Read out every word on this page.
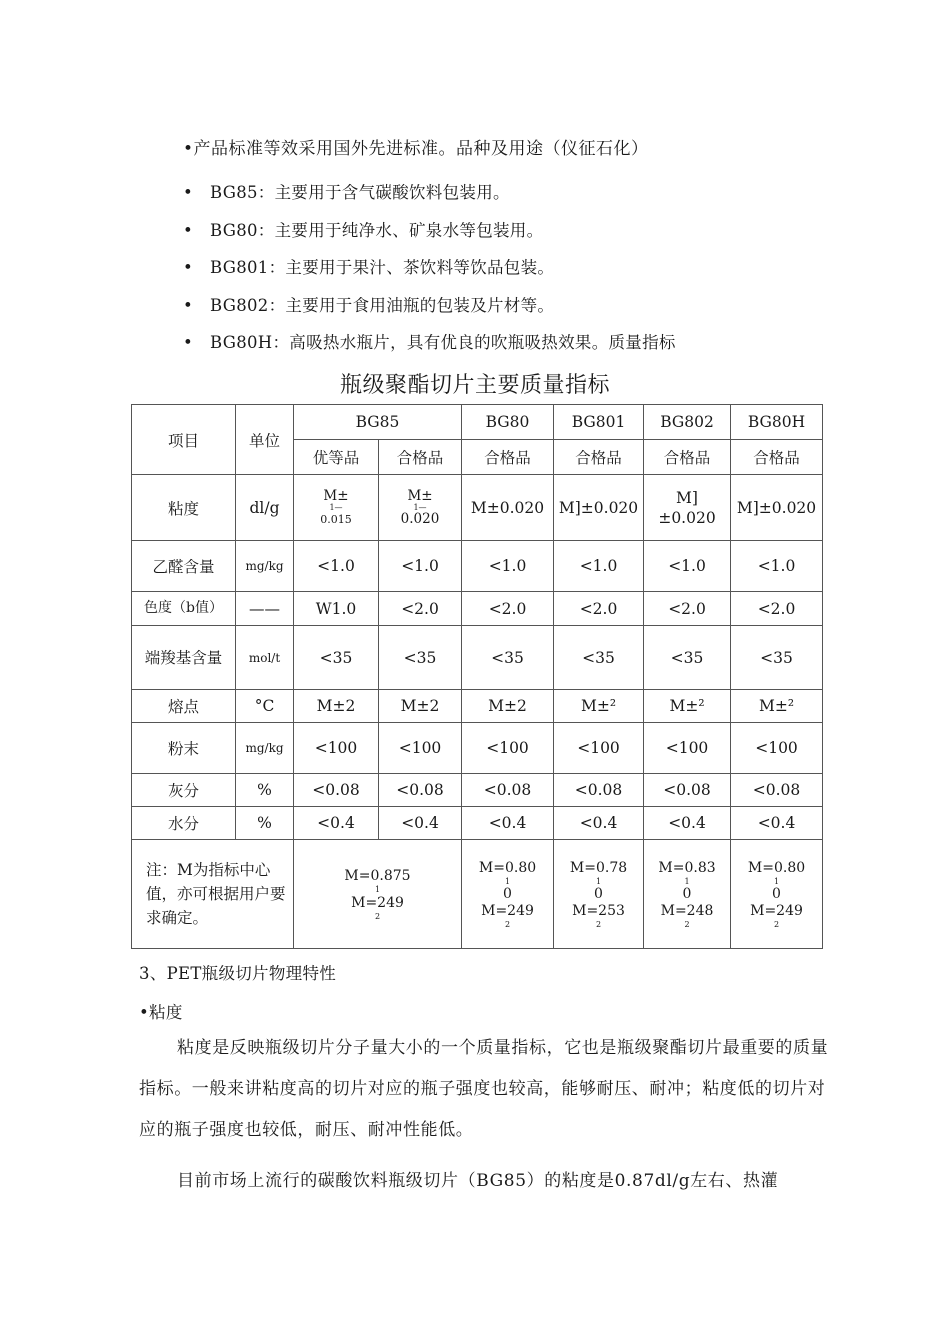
•产品标准等效采用国外先进标准。品种及用途（仪征石化）
• BG85：主要用于含气碳酸饮料包装用。
• BG80：主要用于纯净水、矿泉水等包装用。
• BG801：主要用于果汁、茶饮料等饮品包装。
• BG802：主要用于食用油瓶的包装及片材等。
• BG80H：高吸热水瓶片，具有优良的吹瓶吸热效果。质量指标
瓶级聚酯切片主要质量指标
项目	单位	BG85		BG80	BG801	BG802	BG80H
		优等品	合格品	合格品	合格品	合格品	合格品
粘度	dl/g	M±
1—
0.015	M±
1—
0.020	M±0.020	M]±0.020	M]
±0.020	M]±0.020
乙醛含量	mg/kg	<1.0	<1.0	<1.0	<1.0	<1.0	<1.0
色度（b值）	——	W1.0	<2.0	<2.0	<2.0	<2.0	<2.0
端羧基含量	mol/t	<35	<35	<35	<35	<35	<35
熔点	°C	M±2	M±2	M±2	M±²	M±²	M±²
粉末	mg/kg	<100	<100	<100	<100	<100	<100
灰分	%	<0.08	<0.08	<0.08	<0.08	<0.08	<0.08
水分	%	<0.4	<0.4	<0.4	<0.4	<0.4	<0.4
注：M为指标中心值，亦可根据用户要求确定。		M=0.875
1
M=249
2		M=0.80
1
0
M=249
2	M=0.78
1
0
M=253
2	M=0.83
1
0
M=248
2	M=0.80
1
0
M=249
2
3、PET瓶级切片物理特性
•粘度

粘度是反映瓶级切片分子量大小的一个质量指标，它也是瓶级聚酯切片最重要的质量指标。一般来讲粘度高的切片对应的瓶子强度也较高，能够耐压、耐冲；粘度低的切片对应的瓶子强度也较低，耐压、耐冲性能低。

目前市场上流行的碳酸饮料瓶级切片（BG85）的粘度是0.87dl/g左右、热灌
